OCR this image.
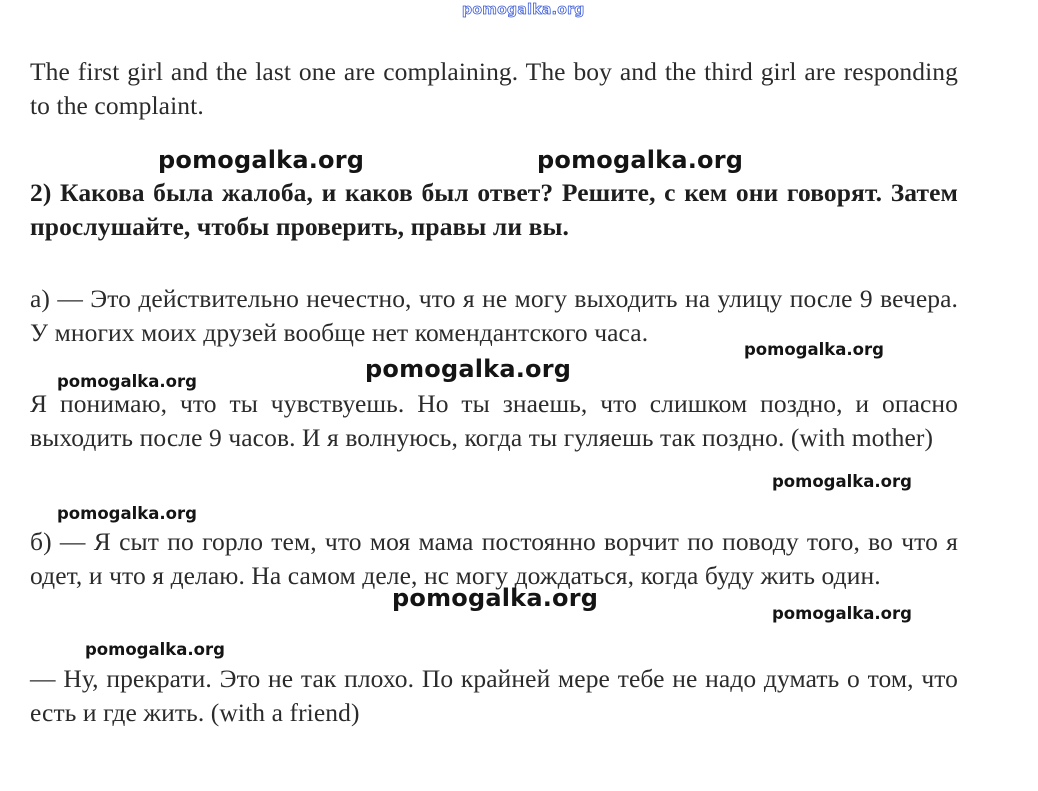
pomogalka.org

The first girl and the last one are complaining. The boy and the third girl are responding to the complaint.

2) Какова была жалоба, и каков был ответ? Решите, с кем они говорят. Затем прослушайте, чтобы проверить, правы ли вы.

а) — Это действительно нечестно, что я не могу выходить на улицу после 9 вечера. У многих моих друзей вообще нет комендантского часа.

Я понимаю, что ты чувствуешь. Но ты знаешь, что слишком поздно, и опасно выходить после 9 часов. И я волнуюсь, когда ты гуляешь так поздно. (with mother)

б) — Я сыт по горло тем, что моя мама постоянно ворчит по поводу того, во что я одет, и что я делаю. На самом деле, нс могу дождаться, когда буду жить один.

— Ну, прекрати. Это не так плохо. По крайней мере тебе не надо думать о том, что есть и где жить. (with a friend)

pomogalka.org	pomogalka.org
pomogalka.org
pomogalka.org
pomogalka.org
pomogalka.org
pomogalka.org
pomogalka.org
pomogalka.org
pomogalka.org
